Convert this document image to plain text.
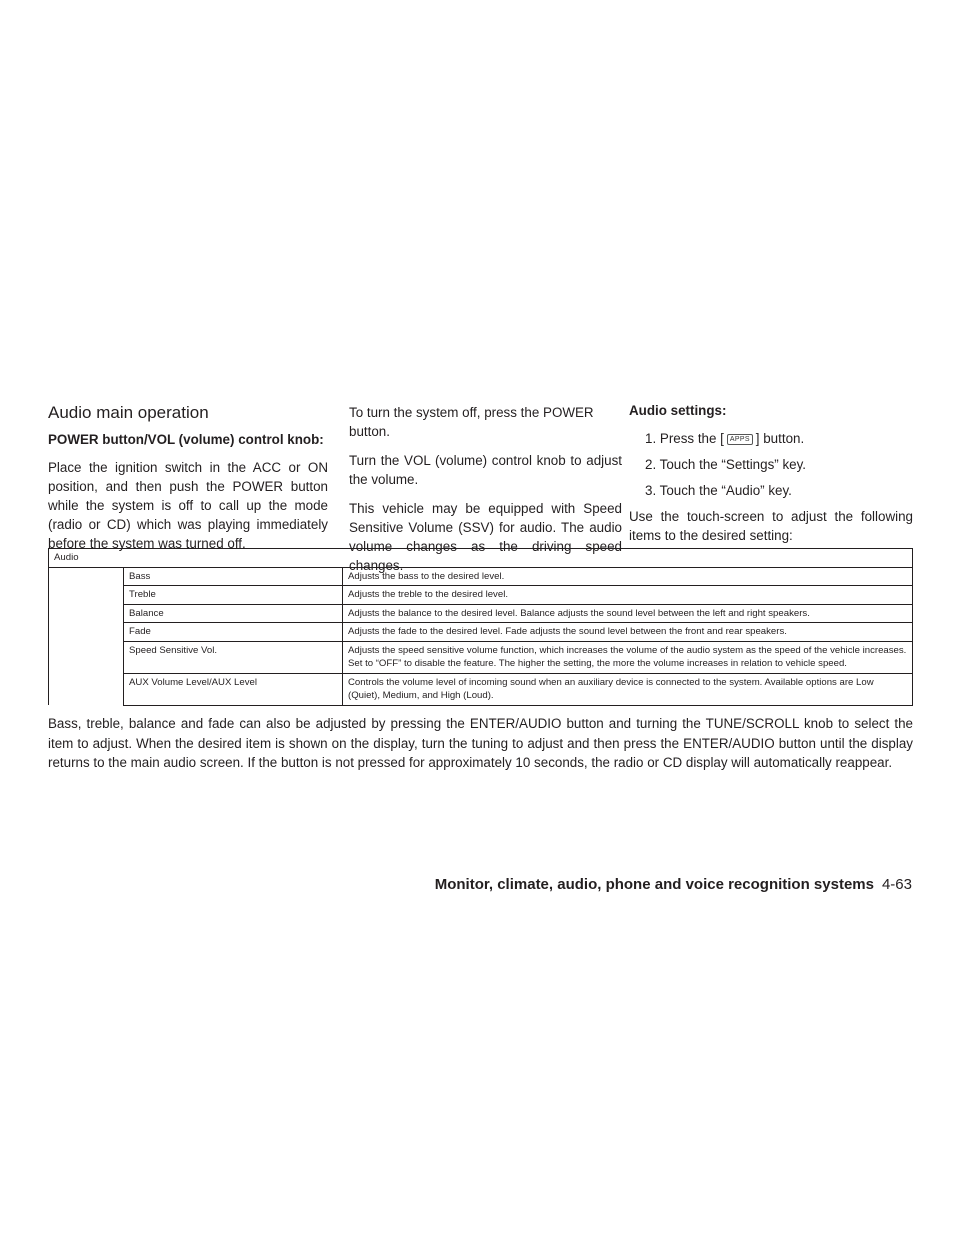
Audio main operation
POWER button/VOL (volume) control knob:

Place the ignition switch in the ACC or ON position, and then push the POWER button while the system is off to call up the mode (radio or CD) which was playing immediately before the system was turned off.

To turn the system off, press the POWER button.

Turn the VOL (volume) control knob to adjust the volume.

This vehicle may be equipped with Speed Sensitive Volume (SSV) for audio. The audio volume changes as the driving speed changes.

Audio settings:
1. Press the [ APPS ] button.
2. Touch the “Settings” key.
3. Touch the “Audio” key.

Use the touch-screen to adjust the following items to the desired setting:

Audio		
	Bass	Adjusts the bass to the desired level.
	Treble	Adjusts the treble to the desired level.
	Balance	Adjusts the balance to the desired level. Balance adjusts the sound level between the left and right speakers.
	Fade	Adjusts the fade to the desired level. Fade adjusts the sound level between the front and rear speakers.
	Speed Sensitive Vol.	Adjusts the speed sensitive volume function, which increases the volume of the audio system as the speed of the vehicle increases. Set to “OFF” to disable the feature. The higher the setting, the more the volume increases in relation to vehicle speed.
	AUX Volume Level/AUX Level	Controls the volume level of incoming sound when an auxiliary device is connected to the system. Available options are Low (Quiet), Medium, and High (Loud).

Bass, treble, balance and fade can also be adjusted by pressing the ENTER/AUDIO button and turning the TUNE/SCROLL knob to select the item to adjust. When the desired item is shown on the display, turn the tuning to adjust and then press the ENTER/AUDIO button until the display returns to the main audio screen. If the button is not pressed for approximately 10 seconds, the radio or CD display will automatically reappear.

Monitor, climate, audio, phone and voice recognition systems 4-63
